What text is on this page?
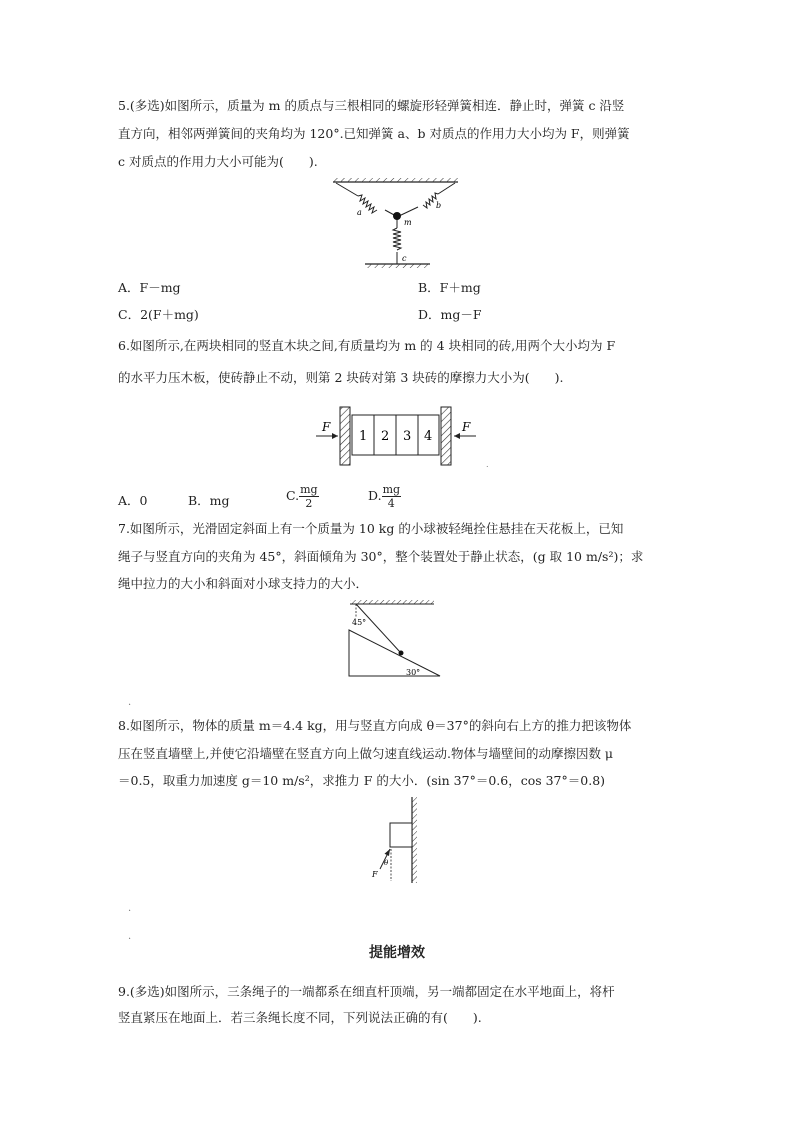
5.(多选)如图所示，质量为 m 的质点与三根相同的螺旋形轻弹簧相连．静止时，弹簧 c 沿竖

直方向，相邻两弹簧间的夹角均为 120°.已知弹簧 a、b 对质点的作用力大小均为 F，则弹簧

c 对质点的作用力大小可能为(　　).

a
b
m
c
A．F－mg	B．F＋mg
C．2(F＋mg)	D．mg－F

6.如图所示,在两块相同的竖直木块之间,有质量均为 m 的 4 块相同的砖,用两个大小均为 F

的水平力压木板，使砖静止不动，则第 2 块砖对第 3 块砖的摩擦力大小为(　　).

1 2 3 4
F	F
.
A．0	B．mg	C. $\frac{mg}{2}$	D. $\frac{mg}{4}$

7.如图所示，光滑固定斜面上有一个质量为 10 kg 的小球被轻绳拴住悬挂在天花板上，已知

绳子与竖直方向的夹角为 45°，斜面倾角为 30°，整个装置处于静止状态，(g 取 10 m/s²)；求

绳中拉力的大小和斜面对小球支持力的大小．

45°
30°
.

8.如图所示，物体的质量 m＝4.4 kg，用与竖直方向成 θ＝37°的斜向右上方的推力把该物体

压在竖直墙壁上,并使它沿墙壁在竖直方向上做匀速直线运动.物体与墙壁间的动摩擦因数 μ

＝0.5，取重力加速度 g＝10 m/s²，求推力 F 的大小．(sin 37°＝0.6，cos 37°＝0.8)

F
θ
.
.
提能增效

9.(多选)如图所示，三条绳子的一端都系在细直杆顶端，另一端都固定在水平地面上，将杆

竖直紧压在地面上．若三条绳长度不同，下列说法正确的有(　　).
